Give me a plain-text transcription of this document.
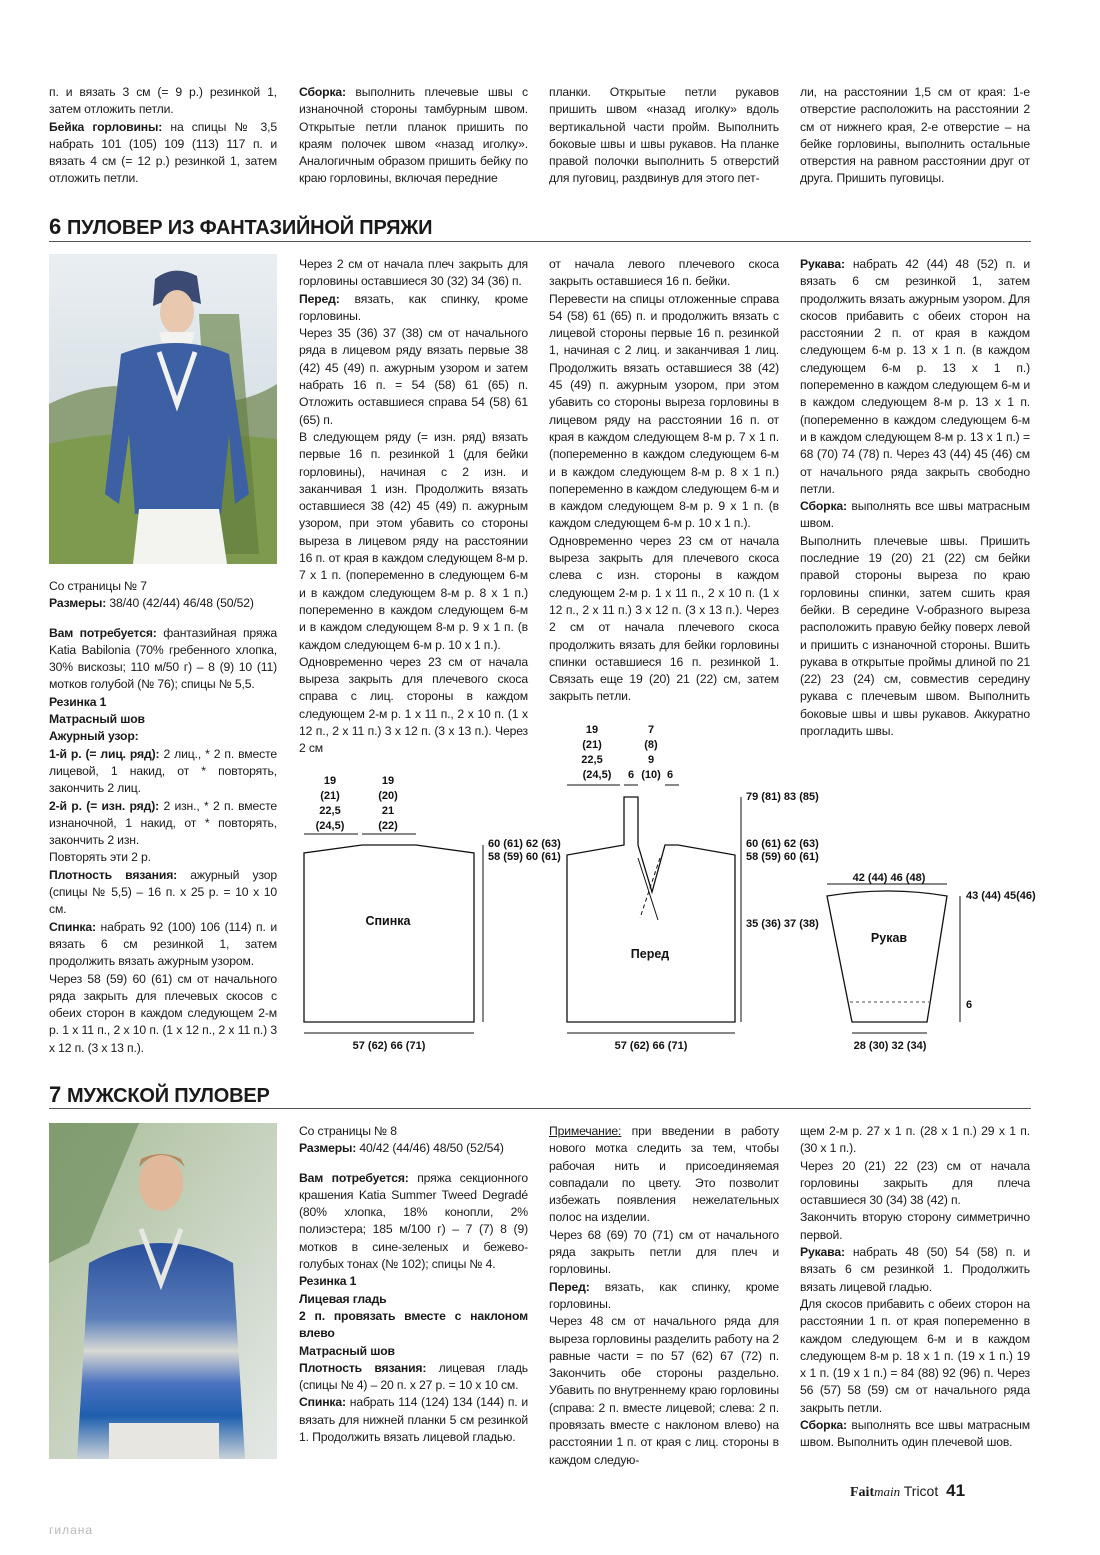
п. и вязать 3 см (= 9 р.) резинкой 1, затем отложить петли.

Бейка горловины: на спицы № 3,5 набрать 101 (105) 109 (113) 117 п. и вязать 4 см (= 12 р.) резинкой 1, затем отложить петли.

Сборка: выполнить плечевые швы с изнаночной стороны тамбурным швом. Открытые петли планок пришить по краям полочек швом «назад иголку». Аналогичным образом пришить бейку по краю горловины, включая передние

планки. Открытые петли рукавов пришить швом «назад иголку» вдоль вертикальной части пройм. Выполнить боковые швы и швы рукавов. На планке правой полочки выполнить 5 отверстий для пуговиц, раздвинув для этого пет-

ли, на расстоянии 1,5 см от края: 1-е отверстие расположить на расстоянии 2 см от нижнего края, 2-е отверстие – на бейке горловины, выполнить остальные отверстия на равном расстоянии друг от друга. Пришить пуговицы.

6 ПУЛОВЕР ИЗ ФАНТАЗИЙНОЙ ПРЯЖИ

Со страницы № 7

Размеры: 38/40 (42/44) 46/48 (50/52)

Вам потребуется: фантазийная пряжа Katia Babilonia (70% гребенного хлопка, 30% вискозы; 110 м/50 г) – 8 (9) 10 (11) мотков голубой (№ 76); спицы № 5,5.

Резинка 1

Матрасный шов

Ажурный узор:

1-й р. (= лиц. ряд): 2 лиц., * 2 п. вместе лицевой, 1 накид, от * повторять, закончить 2 лиц.

2-й р. (= изн. ряд): 2 изн., * 2 п. вместе изнаночной, 1 накид, от * повторять, закончить 2 изн.

Повторять эти 2 р.

Плотность вязания: ажурный узор (спицы № 5,5) – 16 п. x 25 р. = 10 x 10 см.

Спинка: набрать 92 (100) 106 (114) п. и вязать 6 см резинкой 1, затем продолжить вязать ажурным узором.

Через 58 (59) 60 (61) см от начального ряда закрыть для плечевых скосов с обеих сторон в каждом следующем 2-м р. 1 x 11 п., 2 x 10 п. (1 x 12 п., 2 x 11 п.) 3 x 12 п. (3 x 13 п.).

Через 2 см от начала плеч закрыть для горловины оставшиеся 30 (32) 34 (36) п.

Перед: вязать, как спинку, кроме горловины.

Через 35 (36) 37 (38) см от начального ряда в лицевом ряду вязать первые 38 (42) 45 (49) п. ажурным узором и затем набрать 16 п. = 54 (58) 61 (65) п. Отложить оставшиеся справа 54 (58) 61 (65) п.

В следующем ряду (= изн. ряд) вязать первые 16 п. резинкой 1 (для бейки горловины), начиная с 2 изн. и заканчивая 1 изн. Продолжить вязать оставшиеся 38 (42) 45 (49) п. ажурным узором, при этом убавить со стороны выреза в лицевом ряду на расстоянии 16 п. от края в каждом следующем 8-м р. 7 x 1 п. (попеременно в следующем 6-м и в каждом следующем 8-м р. 8 x 1 п.) попеременно в каждом следующем 6-м и в каждом следующем 8-м р. 9 x 1 п. (в каждом следующем 6-м р. 10 x 1 п.).

Одновременно через 23 см от начала выреза закрыть для плечевого скоса справа с лиц. стороны в каждом следующем 2-м р. 1 x 11 п., 2 x 10 п. (1 x 12 п., 2 x 11 п.) 3 x 12 п. (3 x 13 п.). Через 2 см

от начала левого плечевого скоса закрыть оставшиеся 16 п. бейки.

Перевести на спицы отложенные справа 54 (58) 61 (65) п. и продолжить вязать с лицевой стороны первые 16 п. резинкой 1, начиная с 2 лиц. и заканчивая 1 лиц. Продолжить вязать оставшиеся 38 (42) 45 (49) п. ажурным узором, при этом убавить со стороны выреза горловины в лицевом ряду на расстоянии 16 п. от края в каждом следующем 8-м р. 7 x 1 п. (попеременно в каждом следующем 6-м и в каждом следующем 8-м р. 8 x 1 п.) попеременно в каждом следующем 6-м и в каждом следующем 8-м р. 9 x 1 п. (в каждом следующем 6-м р. 10 x 1 п.).

Одновременно через 23 см от начала выреза закрыть для плечевого скоса слева с изн. стороны в каждом следующем 2-м р. 1 x 11 п., 2 x 10 п. (1 x 12 п., 2 x 11 п.) 3 x 12 п. (3 x 13 п.). Через 2 см от начала плечевого скоса продолжить вязать для бейки горловины спинки оставшиеся 16 п. резинкой 1. Связать еще 19 (20) 21 (22) см, затем закрыть петли.

Рукава: набрать 42 (44) 48 (52) п. и вязать 6 см резинкой 1, затем продолжить вязать ажурным узором. Для скосов прибавить с обеих сторон на расстоянии 2 п. от края в каждом следующем 6-м р. 13 x 1 п. (в каждом следующем 6-м р. 13 x 1 п.) попеременно в каждом следующем 6-м и в каждом следующем 8-м р. 13 x 1 п. (попеременно в каждом следующем 6-м и в каждом следующем 8-м р. 13 x 1 п.) = 68 (70) 74 (78) п. Через 43 (44) 45 (46) см от начального ряда закрыть свободно петли.

Сборка: выполнять все швы матрасным швом.

Выполнить плечевые швы. Пришить последние 19 (20) 21 (22) см бейки правой стороны выреза по краю горловины спинки, затем сшить края бейки. В середине V-образного выреза расположить правую бейку поверх левой и пришить с изнаночной стороны. Вшить рукава в открытые проймы длиной по 21 (22) 23 (24) см, совместив середину рукава с плечевым швом. Выполнить боковые швы и швы рукавов. Аккуратно прогладить швы.

19
(21)
22,5
(24,5)
19
(20)
21
(22)
Спинка
60 (61) 62 (63)
58 (59) 60 (61)
57 (62) 66 (71)
19
(21)
22,5
(24,5)
7
(8)
9
6 (10) 6
Перед
79 (81) 83 (85)
60 (61) 62 (63)
58 (59) 60 (61)
35 (36) 37 (38)
57 (62) 66 (71)
42 (44) 46 (48)
Рукав
43 (44) 45(46)
6
28 (30) 32 (34)
7 МУЖСКОЙ ПУЛОВЕР

Со страницы № 8

Размеры: 40/42 (44/46) 48/50 (52/54)

Вам потребуется: пряжа секционного крашения Katia Summer Tweed Degradé (80% хлопка, 18% конопли, 2% полиэстера; 185 м/100 г) – 7 (7) 8 (9) мотков в сине-зеленых и бежево-голубых тонах (№ 102); спицы № 4.

Резинка 1

Лицевая гладь

2 п. провязать вместе с наклоном влево

Матрасный шов

Плотность вязания: лицевая гладь (спицы № 4) – 20 п. x 27 р. = 10 x 10 см.

Спинка: набрать 114 (124) 134 (144) п. и вязать для нижней планки 5 см резинкой 1. Продолжить вязать лицевой гладью.

Примечание: при введении в работу нового мотка следить за тем, чтобы рабочая нить и присоединяемая совпадали по цвету. Это позволит избежать появления нежелательных полос на изделии.

Через 68 (69) 70 (71) см от начального ряда закрыть петли для плеч и горловины.

Перед: вязать, как спинку, кроме горловины.

Через 48 см от начального ряда для выреза горловины разделить работу на 2 равные части = по 57 (62) 67 (72) п. Закончить обе стороны раздельно. Убавить по внутреннему краю горловины (справа: 2 п. вместе лицевой; слева: 2 п. провязать вместе с наклоном влево) на расстоянии 1 п. от края с лиц. стороны в каждом следую-

щем 2-м р. 27 x 1 п. (28 x 1 п.) 29 x 1 п. (30 x 1 п.).

Через 20 (21) 22 (23) см от начала горловины закрыть для плеча оставшиеся 30 (34) 38 (42) п.

Закончить вторую сторону симметрично первой.

Рукава: набрать 48 (50) 54 (58) п. и вязать 6 см резинкой 1. Продолжить вязать лицевой гладью.

Для скосов прибавить с обеих сторон на расстоянии 1 п. от края попеременно в каждом следующем 6-м и в каждом следующем 8-м р. 18 x 1 п. (19 x 1 п.) 19 x 1 п. (19 x 1 п.) = 84 (88) 92 (96) п. Через 56 (57) 58 (59) см от начального ряда закрыть петли.

Сборка: выполнять все швы матрасным швом. Выполнить один плечевой шов.

Faitmain Tricot 41
гилана
